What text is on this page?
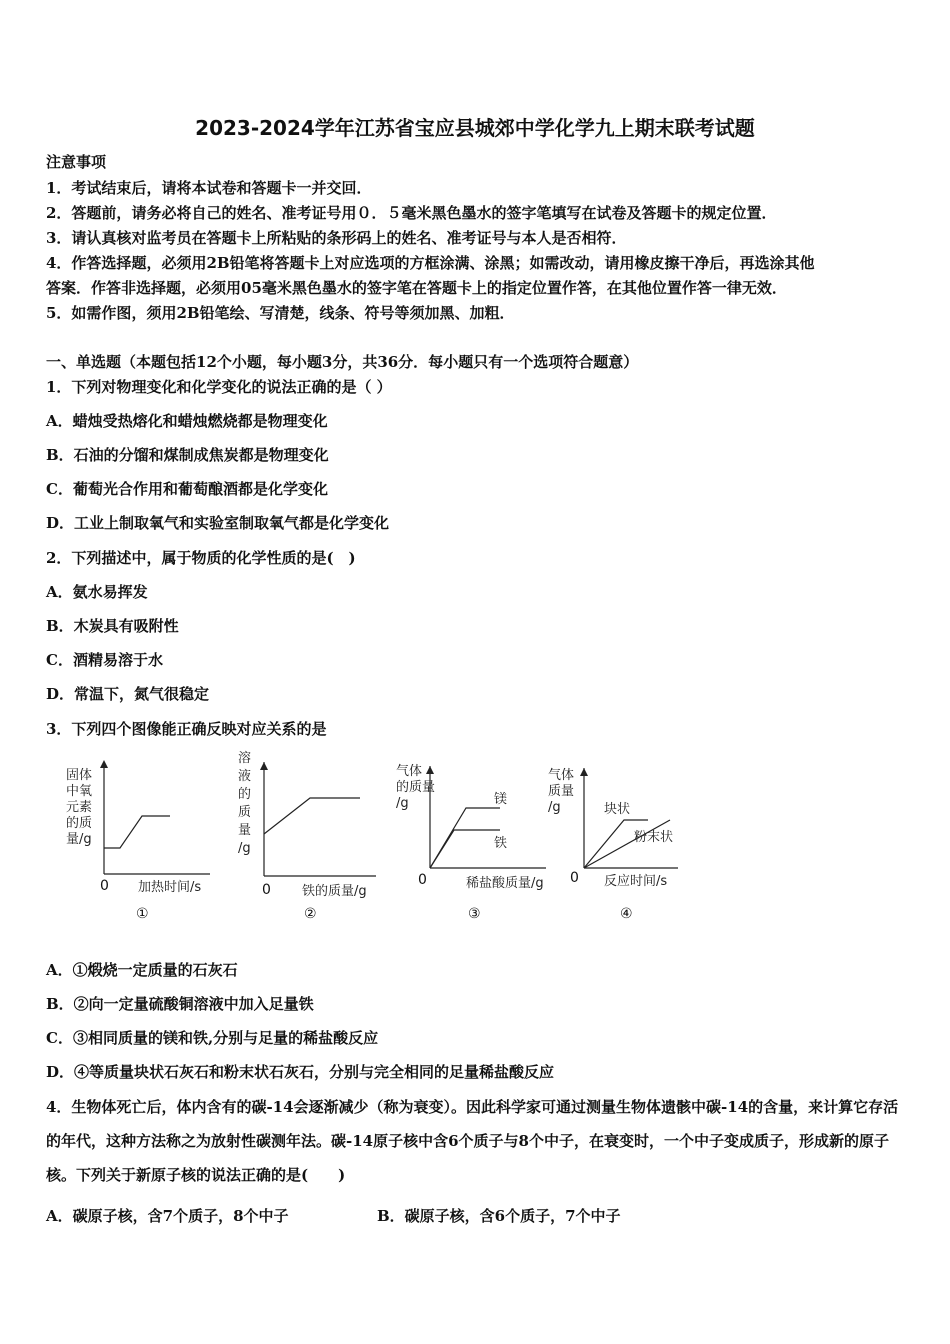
2023-2024学年江苏省宝应县城郊中学化学九上期末联考试题
注意事项
1．考试结束后，请将本试卷和答题卡一并交回．
2．答题前，请务必将自己的姓名、准考证号用０．５毫米黑色墨水的签字笔填写在试卷及答题卡的规定位置．
3．请认真核对监考员在答题卡上所粘贴的条形码上的姓名、准考证号与本人是否相符．
4．作答选择题，必须用2B铅笔将答题卡上对应选项的方框涂满、涂黑；如需改动，请用橡皮擦干净后，再选涂其他
答案．作答非选择题，必须用05毫米黑色墨水的签字笔在答题卡上的指定位置作答，在其他位置作答一律无效．
5．如需作图，须用2B铅笔绘、写清楚，线条、符号等须加黑、加粗．
一、单选题（本题包括12个小题，每小题3分，共36分．每小题只有一个选项符合题意）
1．下列对物理变化和化学变化的说法正确的是（ ）
A．蜡烛受热熔化和蜡烛燃烧都是物理变化
B．石油的分馏和煤制成焦炭都是物理变化
C．葡萄光合作用和葡萄酿酒都是化学变化
D．工业上制取氧气和实验室制取氧气都是化学变化
2．下列描述中，属于物质的化学性质的是(　)
A．氨水易挥发
B．木炭具有吸附性
C．酒精易溶于水
D．常温下，氮气很稳定
3．下列四个图像能正确反映对应关系的是
固体
中氧
元素
的质
量/g
0 加热时间/s
①
溶
液
的
质
量
/g
0 铁的质量/g
②
气体
的质量
/g	镁
铁
0	稀盐酸质量/g
③
气体
质量
/g	块状
粉末状
0 反应时间/s
④
A．①煅烧一定质量的石灰石
B．②向一定量硫酸铜溶液中加入足量铁
C．③相同质量的镁和铁,分别与足量的稀盐酸反应
D．④等质量块状石灰石和粉末状石灰石，分别与完全相同的足量稀盐酸反应
4．生物体死亡后，体内含有的碳-14会逐渐减少（称为衰变）。因此科学家可通过测量生物体遗骸中碳-14的含量，来计算它存活的年代，这种方法称之为放射性碳测年法。碳-14原子核中含6个质子与8个中子，在衰变时，一个中子变成质子，形成新的原子核。下列关于新原子核的说法正确的是(　　)
A．碳原子核，含7个质子，8个中子	B．碳原子核，含6个质子，7个中子
